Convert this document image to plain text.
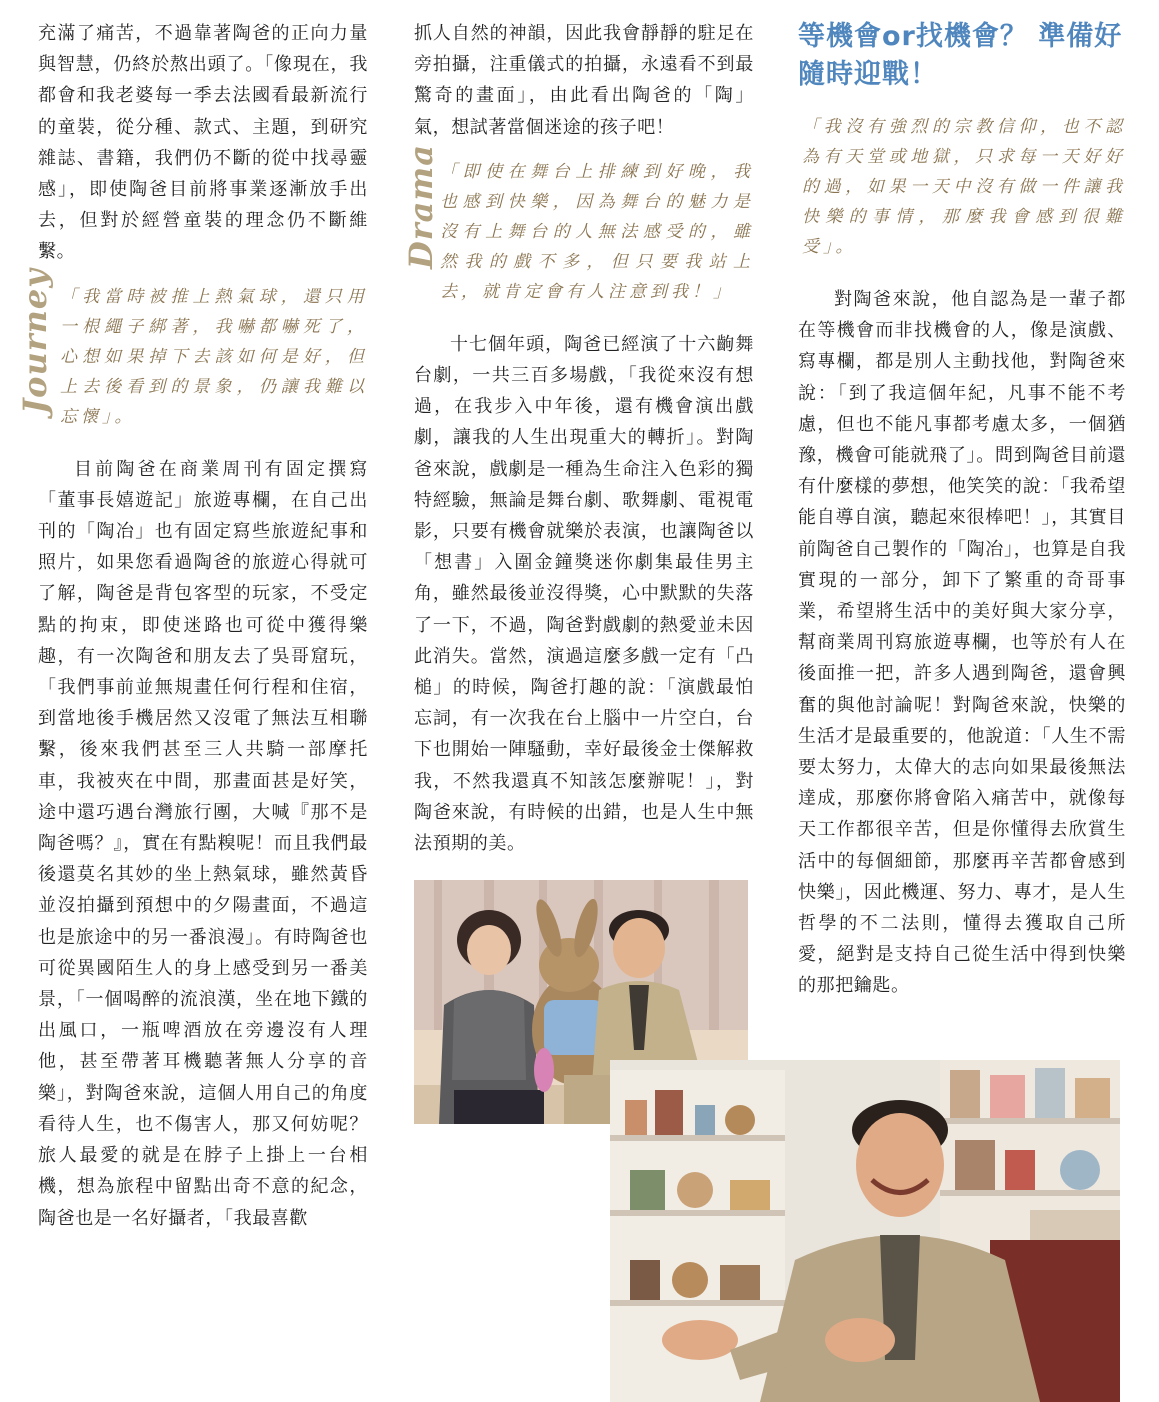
充滿了痛苦，不過靠著陶爸的正向力量與智慧，仍終於熬出頭了。「像現在，我都會和我老婆每一季去法國看最新流行的童裝，從分種、款式、主題，到研究雜誌、書籍，我們仍不斷的從中找尋靈感」，即使陶爸目前將事業逐漸放手出去，但對於經營童裝的理念仍不斷維繫。

Journey 「我當時被推上熱氣球，還只用一根繩子綁著，我嚇都嚇死了，心想如果掉下去該如何是好，但上去後看到的景象，仍讓我難以忘懷」。

目前陶爸在商業周刊有固定撰寫「董事長嬉遊記」旅遊專欄，在自己出刊的「陶冶」也有固定寫些旅遊紀事和照片，如果您看過陶爸的旅遊心得就可了解，陶爸是背包客型的玩家，不受定點的拘束，即使迷路也可從中獲得樂趣，有一次陶爸和朋友去了吳哥窟玩，「我們事前並無規畫任何行程和住宿，到當地後手機居然又沒電了無法互相聯繫，後來我們甚至三人共騎一部摩托車，我被夾在中間，那畫面甚是好笑，途中還巧遇台灣旅行團，大喊『那不是陶爸嗎？』，實在有點糗呢！而且我們最後還莫名其妙的坐上熱氣球，雖然黃昏並沒拍攝到預想中的夕陽畫面，不過這也是旅途中的另一番浪漫」。有時陶爸也可從異國陌生人的身上感受到另一番美景，「一個喝醉的流浪漢，坐在地下鐵的出風口，一瓶啤酒放在旁邊沒有人理他，甚至帶著耳機聽著無人分享的音樂」，對陶爸來說，這個人用自己的角度看待人生，也不傷害人，那又何妨呢？旅人最愛的就是在脖子上掛上一台相機，想為旅程中留點出奇不意的紀念，陶爸也是一名好攝者，「我最喜歡

抓人自然的神韻，因此我會靜靜的駐足在旁拍攝，注重儀式的拍攝，永遠看不到最驚奇的畫面」，由此看出陶爸的「陶」氣，想試著當個迷途的孩子吧！

Drama 「即使在舞台上排練到好晚，我也感到快樂，因為舞台的魅力是沒有上舞台的人無法感受的，雖然我的戲不多，但只要我站上去，就肯定會有人注意到我！」

十七個年頭，陶爸已經演了十六齣舞台劇，一共三百多場戲，「我從來沒有想過，在我步入中年後，還有機會演出戲劇，讓我的人生出現重大的轉折」。對陶爸來說，戲劇是一種為生命注入色彩的獨特經驗，無論是舞台劇、歌舞劇、電視電影，只要有機會就樂於表演，也讓陶爸以「想書」入圍金鐘獎迷你劇集最佳男主角，雖然最後並沒得獎，心中默默的失落了一下，不過，陶爸對戲劇的熱愛並未因此消失。當然，演過這麼多戲一定有「凸槌」的時候，陶爸打趣的說：「演戲最怕忘詞，有一次我在台上腦中一片空白，台下也開始一陣騷動，幸好最後金士傑解救我，不然我還真不知該怎麼辦呢！」，對陶爸來說，有時候的出錯，也是人生中無法預期的美。

等機會or找機會？ 準備好隨時迎戰！

「我沒有強烈的宗教信仰，也不認為有天堂或地獄，只求每一天好好的過，如果一天中沒有做一件讓我快樂的事情，那麼我會感到很難受」。

對陶爸來說，他自認為是一輩子都在等機會而非找機會的人，像是演戲、寫專欄，都是別人主動找他，對陶爸來說：「到了我這個年紀，凡事不能不考慮，但也不能凡事都考慮太多，一個猶豫，機會可能就飛了」。問到陶爸目前還有什麼樣的夢想，他笑笑的說：「我希望能自導自演，聽起來很棒吧！」，其實目前陶爸自己製作的「陶冶」，也算是自我實現的一部分，卸下了繁重的奇哥事業，希望將生活中的美好與大家分享，幫商業周刊寫旅遊專欄，也等於有人在後面推一把，許多人遇到陶爸，還會興奮的與他討論呢！對陶爸來說，快樂的生活才是最重要的，他說道：「人生不需要太努力，太偉大的志向如果最後無法達成，那麼你將會陷入痛苦中，就像每天工作都很辛苦，但是你懂得去欣賞生活中的每個細節，那麼再辛苦都會感到快樂」，因此機運、努力、專才，是人生哲學的不二法則，懂得去獲取自己所愛，絕對是支持自己從生活中得到快樂的那把鑰匙。
